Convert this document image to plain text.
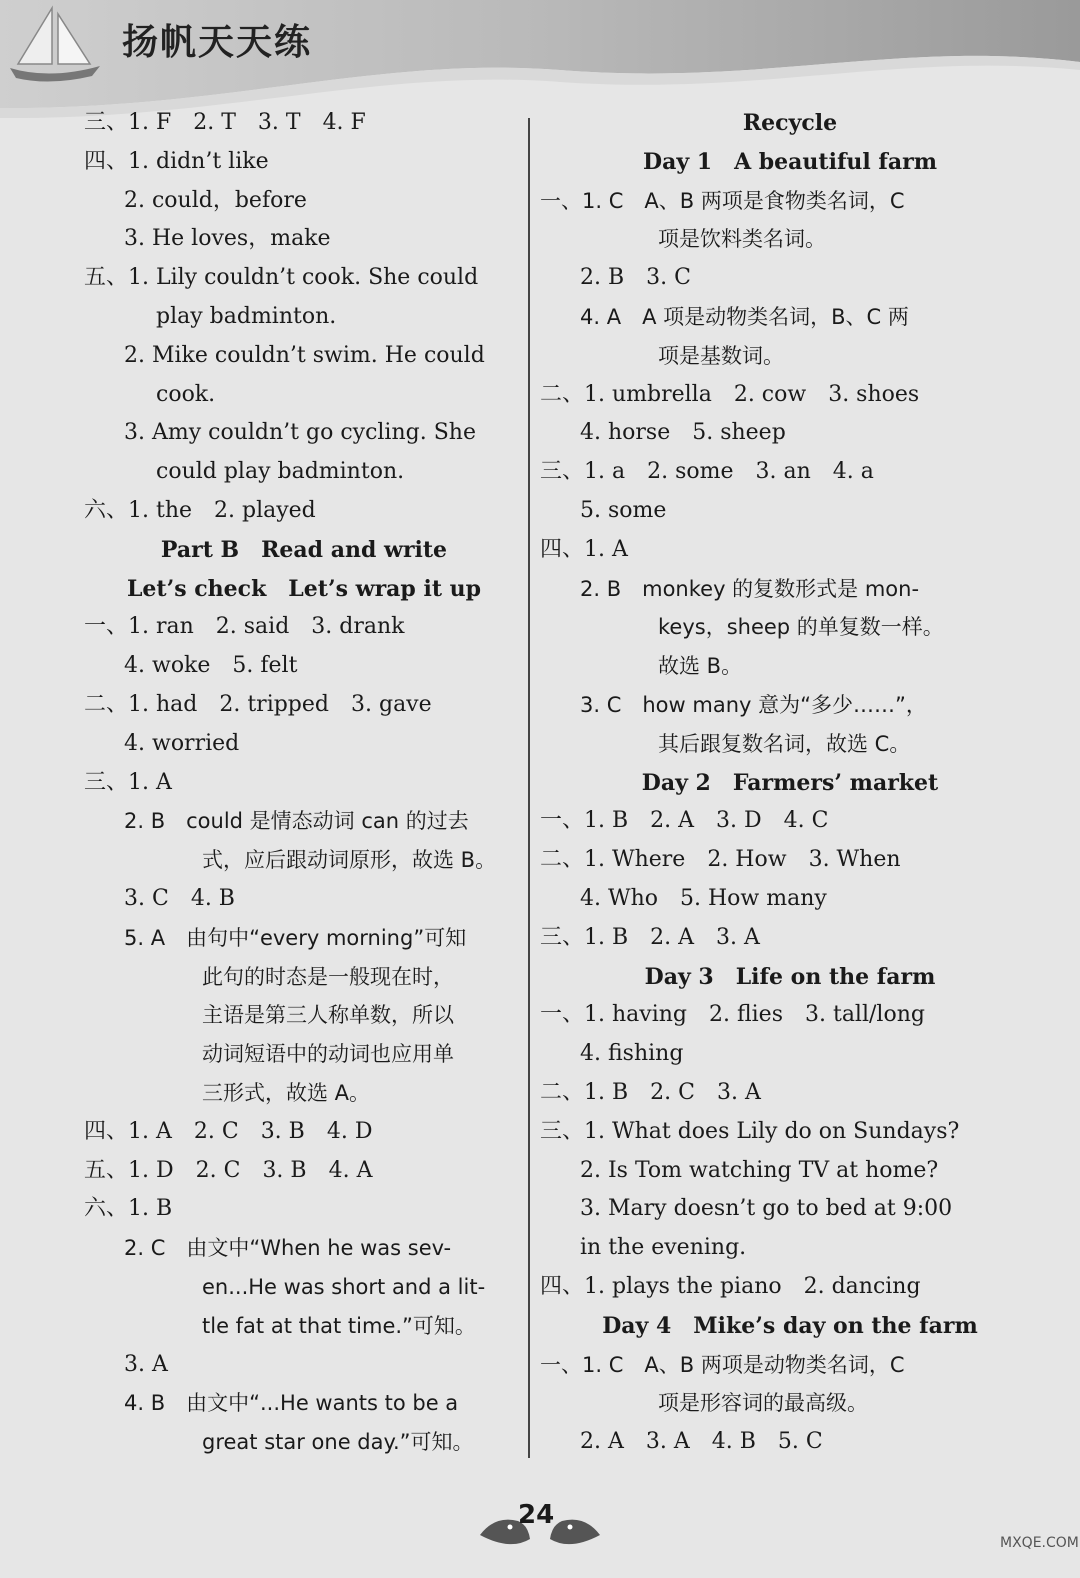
扬帆天天练
三、1. F　2. T　3. T　4. F
四、1. didn’t like
2. could，before
3. He loves，make
五、1. Lily couldn’t cook. She could
play badminton.
2. Mike couldn’t swim. He could
cook.
3. Amy couldn’t go cycling. She
could play badminton.
六、1. the　2. played
Part B　Read and write
Let’s check　Let’s wrap it up
一、1. ran　2. said　3. drank
4. woke　5. felt
二、1. had　2. tripped　3. gave
4. worried
三、1. A
2. B　could 是情态动词 can 的过去
式，应后跟动词原形，故选 B。
3. C　4. B
5. A　由句中“every morning”可知
此句的时态是一般现在时，
主语是第三人称单数，所以
动词短语中的动词也应用单
三形式，故选 A。
四、1. A　2. C　3. B　4. D
五、1. D　2. C　3. B　4. A
六、1. B
2. C　由文中“When he was sev-
en...He was short and a lit-
tle fat at that time.”可知。
3. A
4. B　由文中“...He wants to be a
great star one day.”可知。
Recycle
Day 1　A beautiful farm
一、1. C　A、B 两项是食物类名词，C
项是饮料类名词。
2. B　3. C
4. A　A 项是动物类名词，B、C 两
项是基数词。
二、1. umbrella　2. cow　3. shoes
4. horse　5. sheep
三、1. a　2. some　3. an　4. a
5. some
四、1. A
2. B　monkey 的复数形式是 mon-
keys，sheep 的单复数一样。
故选 B。
3. C　how many 意为“多少……”，
其后跟复数名词，故选 C。
Day 2　Farmers’ market
一、1. B　2. A　3. D　4. C
二、1. Where　2. How　3. When
4. Who　5. How many
三、1. B　2. A　3. A
Day 3　Life on the farm
一、1. having　2. flies　3. tall/long
4. fishing
二、1. B　2. C　3. A
三、1. What does Lily do on Sundays?
2. Is Tom watching TV at home?
3. Mary doesn’t go to bed at 9:00
in the evening.
四、1. plays the piano　2. dancing
Day 4　Mike’s day on the farm
一、1. C　A、B 两项是动物类名词，C
项是形容词的最高级。
2. A　3. A　4. B　5. C
24
MXQE.COM
